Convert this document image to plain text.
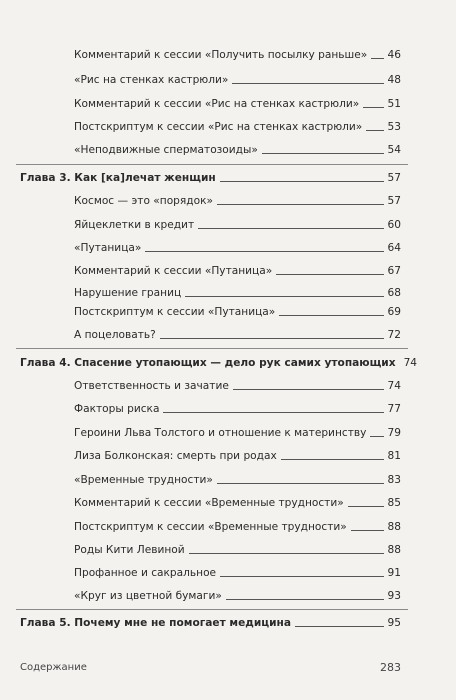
Комментарий к сессии «Получить посылку раньше» 46
«Рис на стенках кастрюли»	48
Комментарий к сессии «Рис на стенках кастрюли»	51
Постскриптум к сессии «Рис на стенках кастрюли» 53
«Неподвижные сперматозоиды»	54
Глава 3. Как [ка]лечат женщин	57
Космос — это «порядок»	57
Яйцеклетки в кредит	60
«Путаница»	64
Комментарий к сессии «Путаница»	67
Нарушение границ	68
Постскриптум к сессии «Путаница»	69
А поцеловать?	72
Глава 4. Спасение утопающих — дело рук самих утопающих 74
Ответственность и зачатие	74
Факторы риска	77
Героини Льва Толстого и отношение к материнству 79
Лиза Болконская: смерть при родах	81
«Временные трудности»	83
Комментарий к сессии «Временные трудности»	85
Постскриптум к сессии «Временные трудности»	88
Роды Кити Левиной	88
Профанное и сакральное	91
«Круг из цветной бумаги»	93
Глава 5. Почему мне не помогает медицина	95
Содержание	283
